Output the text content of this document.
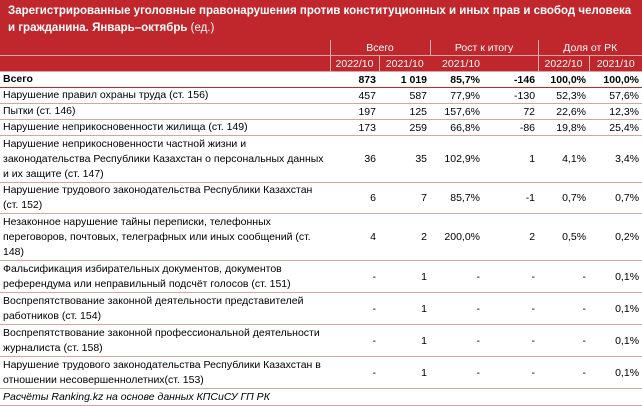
Зарегистрированные уголовные правонарушения против конституционных и иных прав и свобод человека и гражданина. Январь–октябрь (ед.)
	Всего		Рост к итогу		Доля от РК	
	2022/10	2021/10	2021/10		2022/10	2021/10
Всего	873	1 019	85,7%	-146	100,0%	100,0%
Нарушение правил охраны труда (ст. 156)	457	587	77,9%	-130	52,3%	57,6%
Пытки (ст. 146)	197	125	157,6%	72	22,6%	12,3%
Нарушение неприкосновенности жилища (ст. 149)	173	259	66,8%	-86	19,8%	25,4%
Нарушение неприкосновенности частной жизни и законодательства Республики Казахстан о персональных данных и их защите (ст. 147)	36	35	102,9%	1	4,1%	3,4%
Нарушение трудового законодательства Республики Казахстан (ст. 152)	6	7	85,7%	-1	0,7%	0,7%
Незаконное нарушение тайны переписки, телефонных переговоров, почтовых, телеграфных или иных сообщений (ст. 148)	4	2	200,0%	2	0,5%	0,2%
Фальсификация избирательных документов, документов референдума или неправильный подсчёт голосов (ст. 151)	-	1	-	-	-	0,1%
Воспрепятствование законной деятельности представителей работников (ст. 154)	-	1	-	-	-	0,1%
Воспрепятствование законной профессиональной деятельности журналиста (ст. 158)	-	1	-	-	-	0,1%
Нарушение трудового законодательства Республики Казахстан в отношении несовершеннолетних(ст. 153)	-	1	-	-	-	0,1%
Расчёты Ranking.kz на основе данных КПСиСУ ГП РК						
